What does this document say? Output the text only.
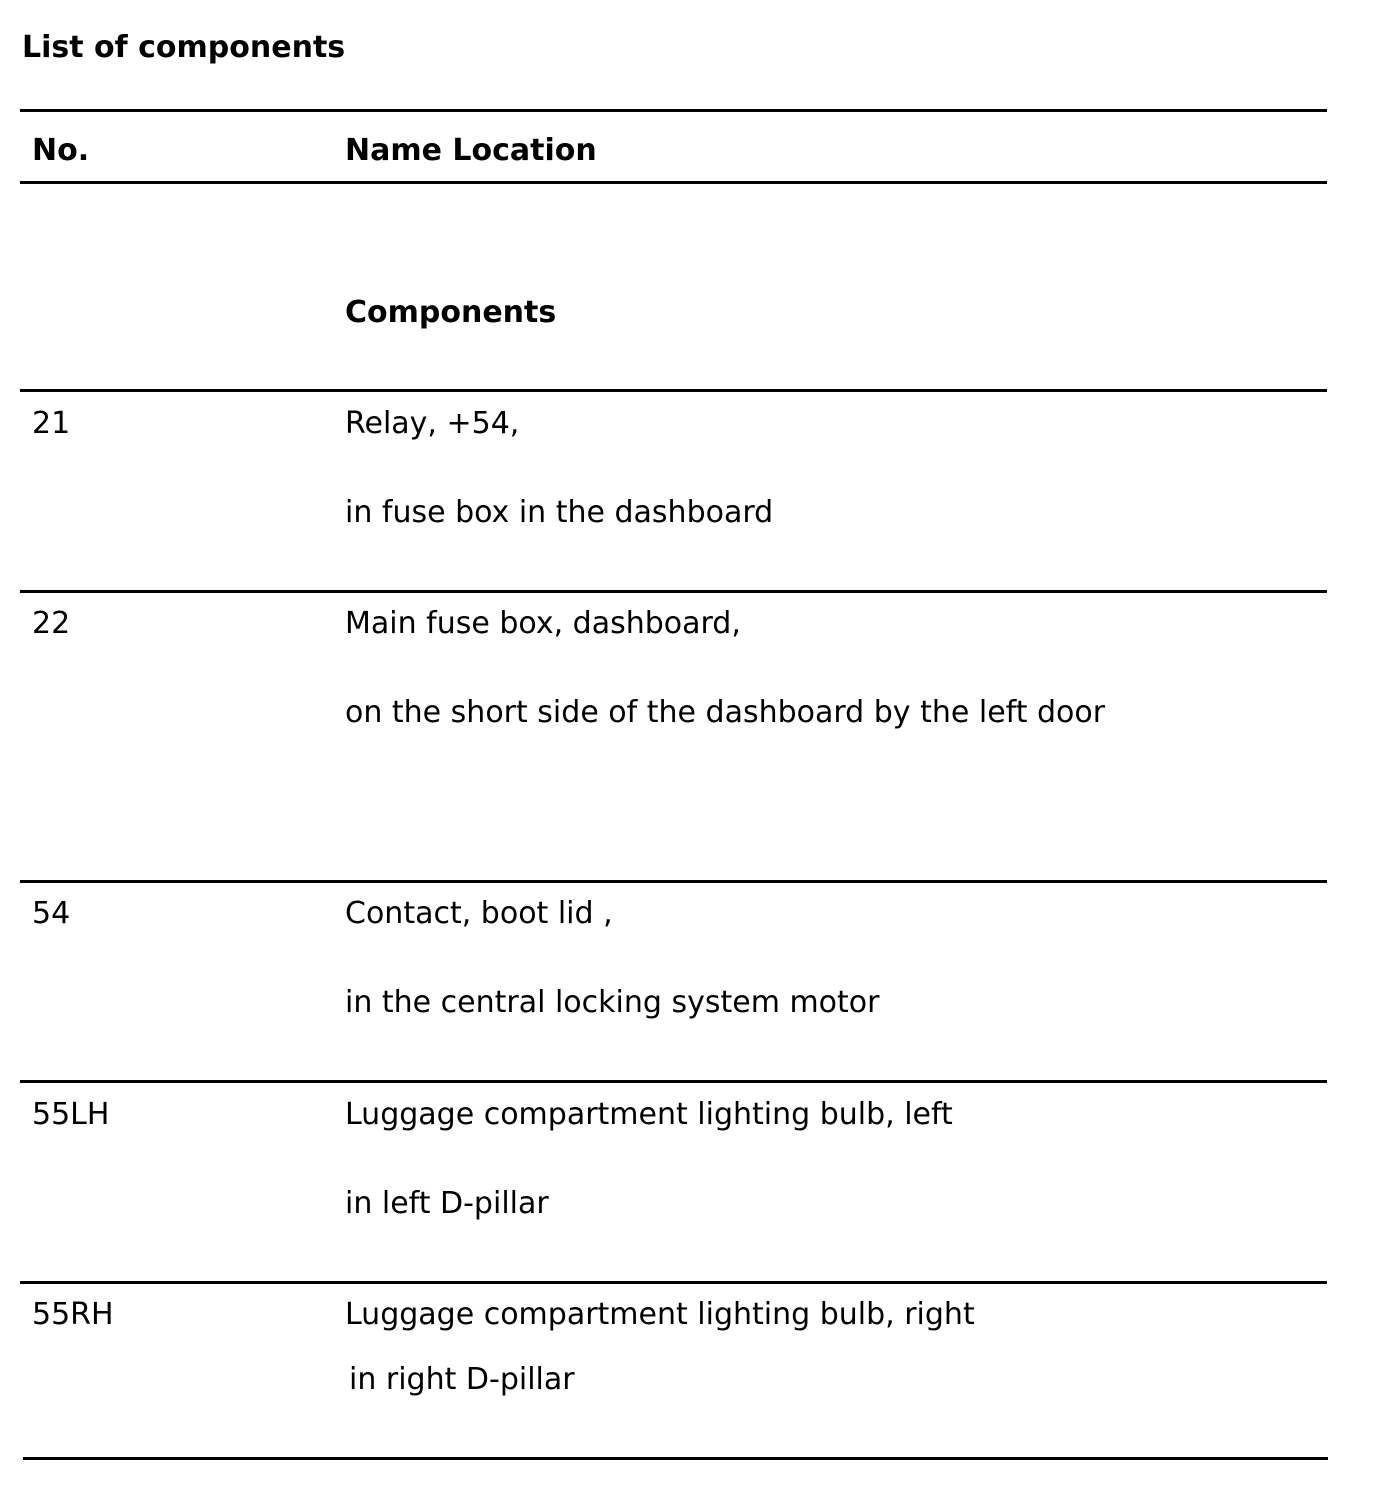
List of components
No.	Name Location
Components
21	Relay, +54,
in fuse box in the dashboard
22	Main fuse box, dashboard,
on the short side of the dashboard by the left door
54	Contact, boot lid ,
in the central locking system motor
55LH	Luggage compartment lighting bulb, left
in left D-pillar
55RH	Luggage compartment lighting bulb, right
in right D-pillar
